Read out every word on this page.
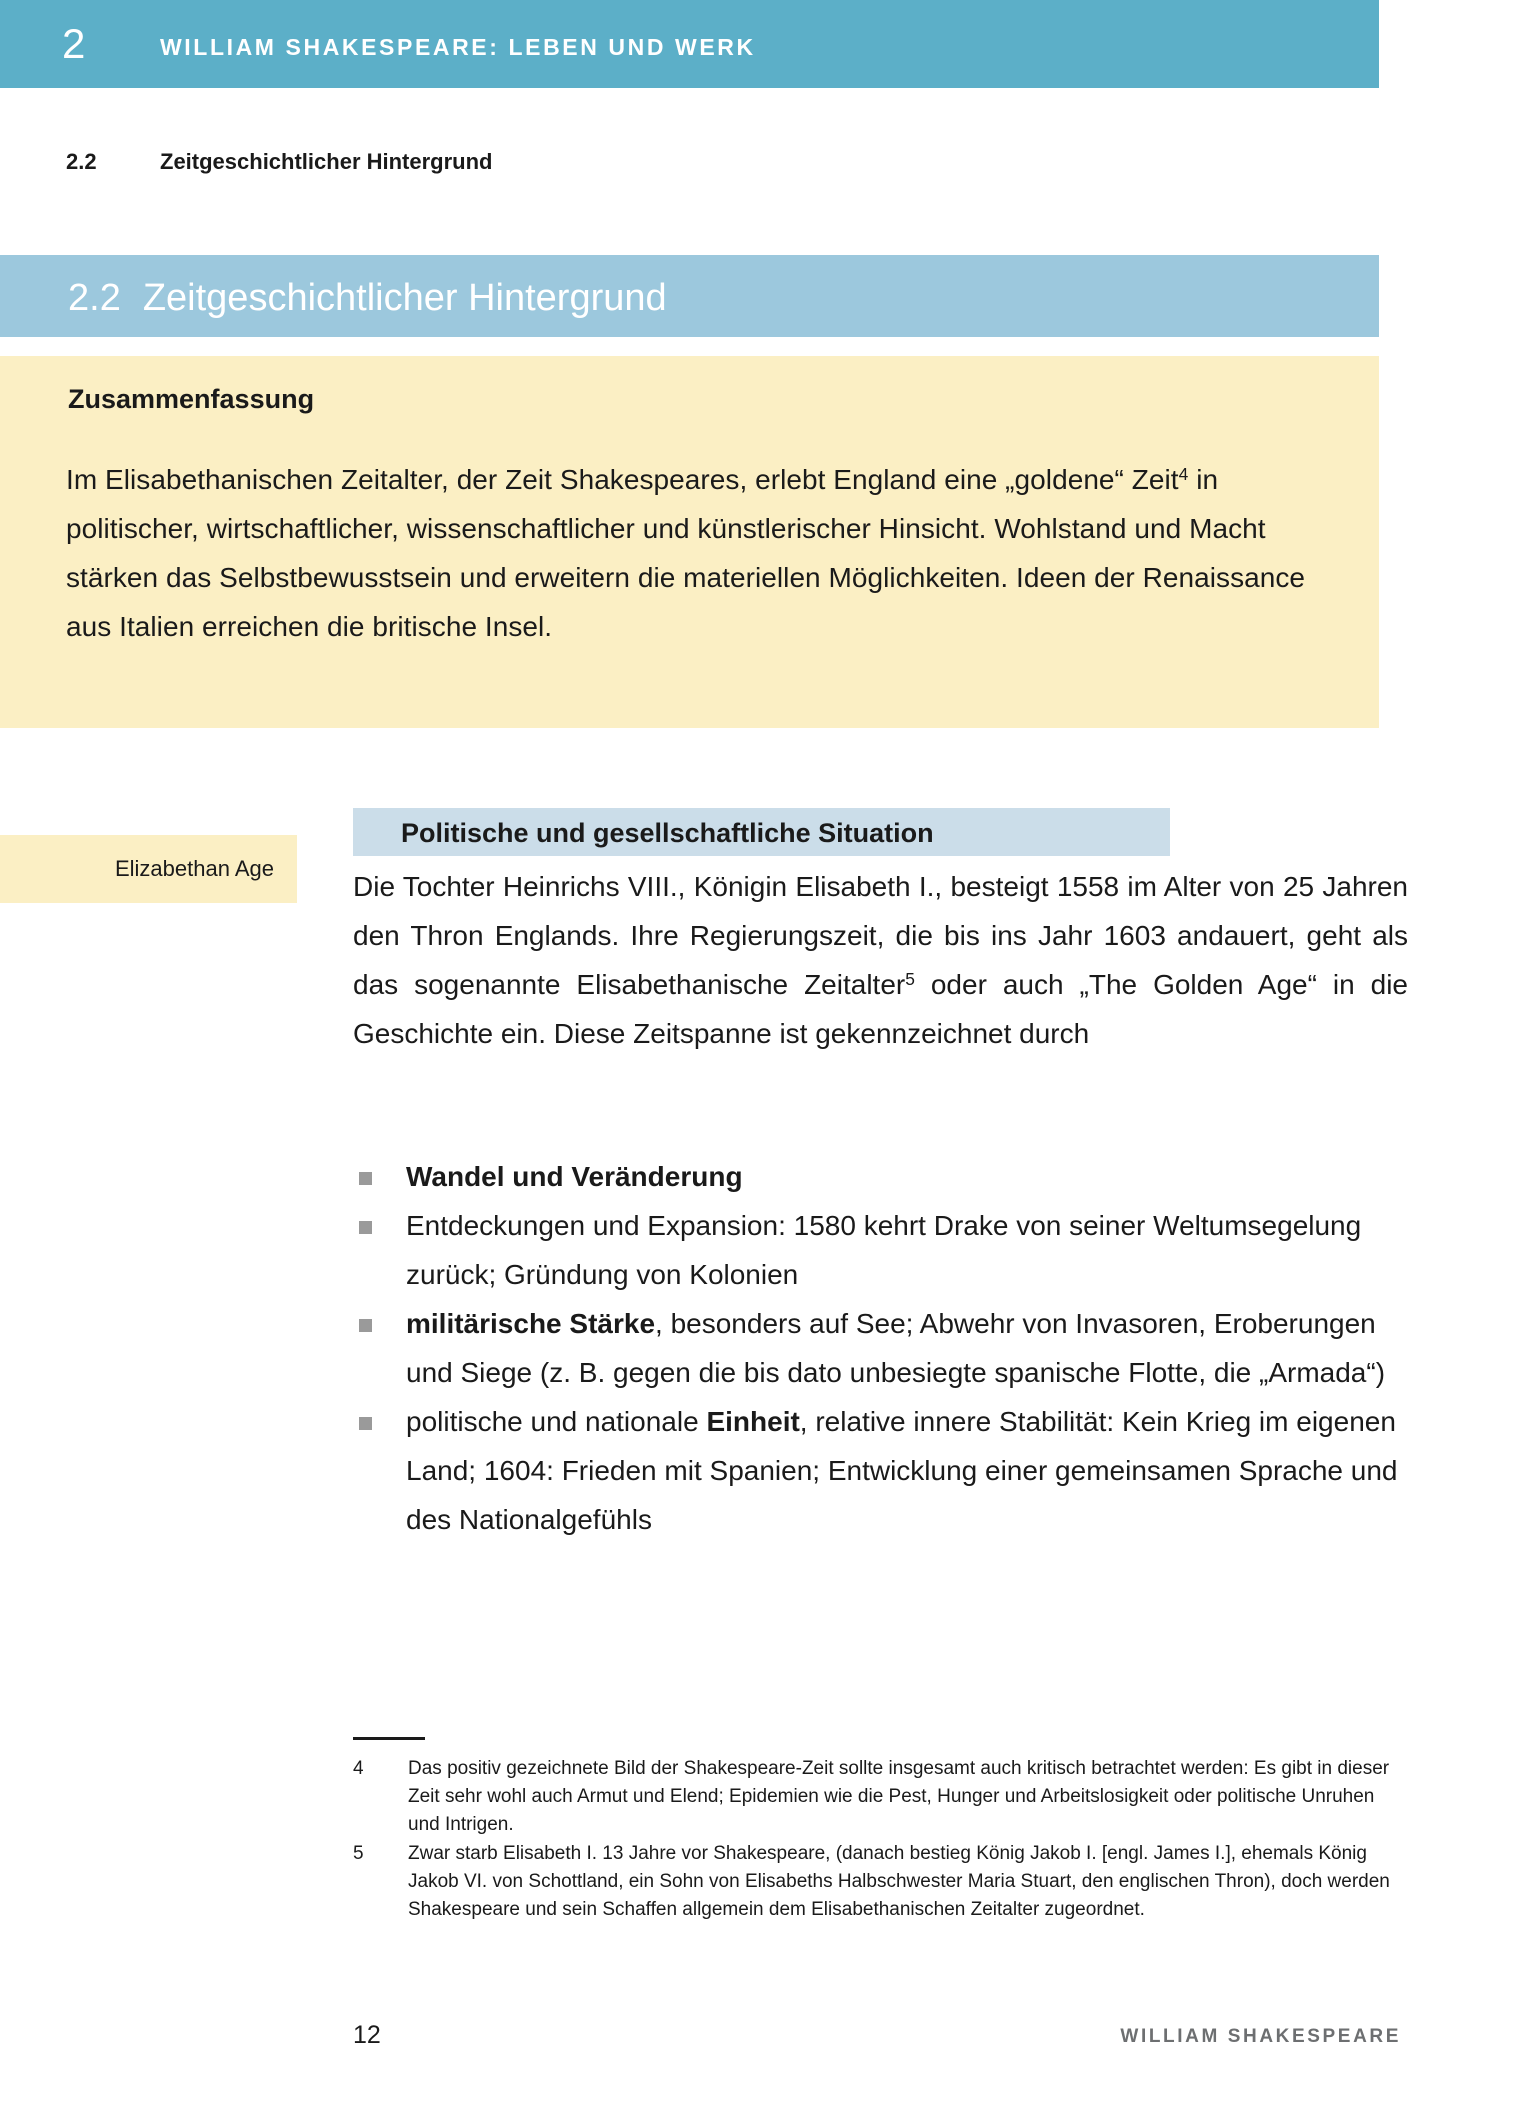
2	WILLIAM SHAKESPEARE: LEBEN UND WERK
2.2	Zeitgeschichtlicher Hintergrund
2.2 Zeitgeschichtlicher Hintergrund
Zusammenfassung
Im Elisabethanischen Zeitalter, der Zeit Shakespeares, erlebt England eine „goldene“ Zeit$^4$ in politischer, wirtschaftlicher, wissenschaftlicher und künstlerischer Hinsicht. Wohlstand und Macht stärken das Selbstbewusstsein und erweitern die materiellen Möglichkeiten. Ideen der Renaissance aus Italien erreichen die britische Insel.
Elizabethan Age
Politische und gesellschaftliche Situation

Die Tochter Heinrichs VIII., Königin Elisabeth I., besteigt 1558 im Alter von 25 Jahren den Thron Englands. Ihre Regierungszeit, die bis ins Jahr 1603 andauert, geht als das sogenannte Elisabethanische Zeitalter$^5$ oder auch „The Golden Age“ in die Geschichte ein. Diese Zeitspanne ist gekennzeichnet durch

Wandel und Veränderung
Entdeckungen und Expansion: 1580 kehrt Drake von seiner Weltumsegelung zurück; Gründung von Kolonien
militärische Stärke, besonders auf See; Abwehr von Invasoren, Eroberungen und Siege (z. B. gegen die bis dato unbesiegte spanische Flotte, die „Armada“)
politische und nationale Einheit, relative innere Stabilität: Kein Krieg im eigenen Land; 1604: Frieden mit Spanien; Entwicklung einer gemeinsamen Sprache und des Nationalgefühls
4	Das positiv gezeichnete Bild der Shakespeare-Zeit sollte insgesamt auch kritisch betrachtet werden: Es gibt in dieser Zeit sehr wohl auch Armut und Elend; Epidemien wie die Pest, Hunger und Arbeitslosigkeit oder politische Unruhen und Intrigen.
5	Zwar starb Elisabeth I. 13 Jahre vor Shakespeare, (danach bestieg König Jakob I. [engl. James I.], ehemals König Jakob VI. von Schottland, ein Sohn von Elisabeths Halbschwester Maria Stuart, den englischen Thron), doch werden Shakespeare und sein Schaffen allgemein dem Elisabethanischen Zeitalter zugeordnet.
12	WILLIAM SHAKESPEARE
